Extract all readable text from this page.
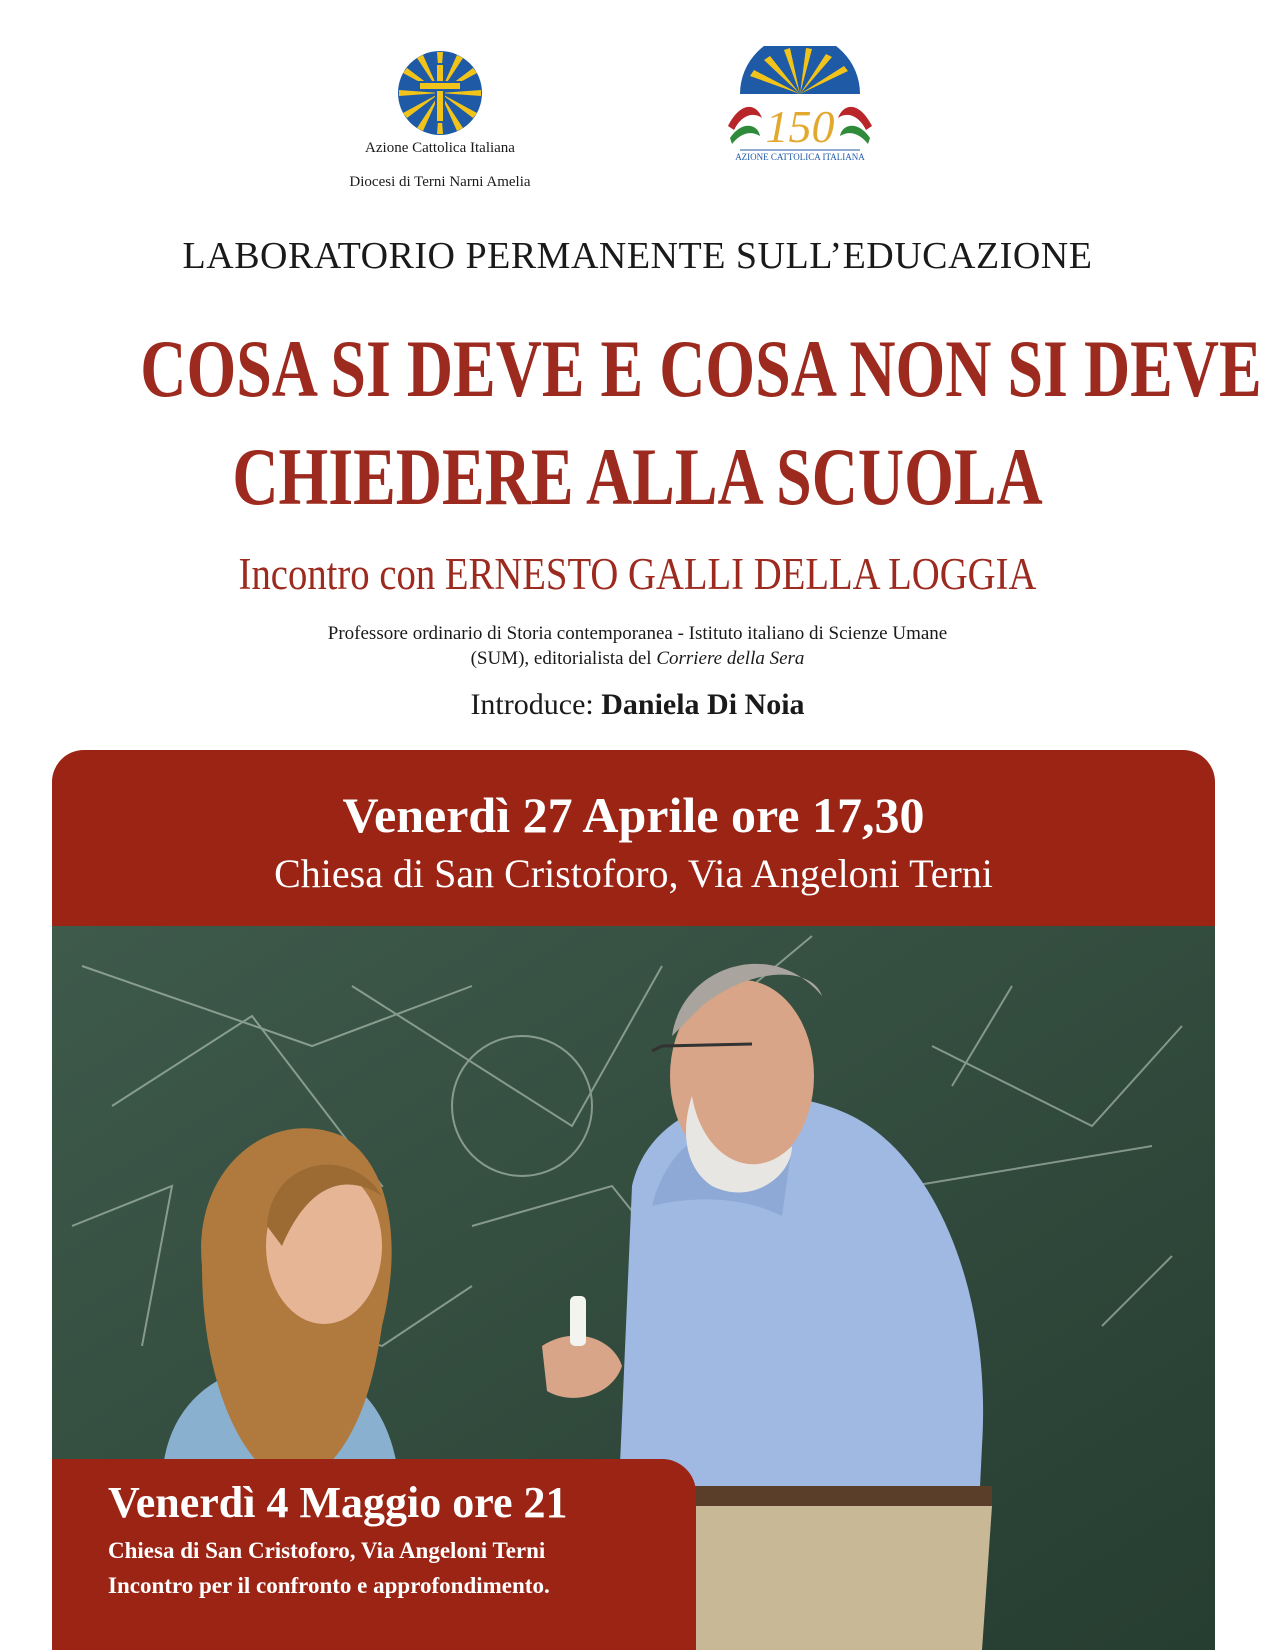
Azione Cattolica Italiana
Diocesi di Terni Narni Amelia
150
AZIONE CATTOLICA ITALIANA
LABORATORIO PERMANENTE SULL’EDUCAZIONE
COSA SI DEVE E COSA NON SI DEVE
CHIEDERE ALLA SCUOLA
Incontro con ERNESTO GALLI DELLA LOGGIA
Professore ordinario di Storia contemporanea - Istituto italiano di Scienze Umane
(SUM), editorialista del Corriere della Sera
Introduce: Daniela Di Noia
Venerdì 27 Aprile ore 17,30
Chiesa di San Cristoforo, Via Angeloni Terni
Venerdì 4 Maggio ore 21
Chiesa di San Cristoforo, Via Angeloni Terni
Incontro per il confronto e approfondimento.
